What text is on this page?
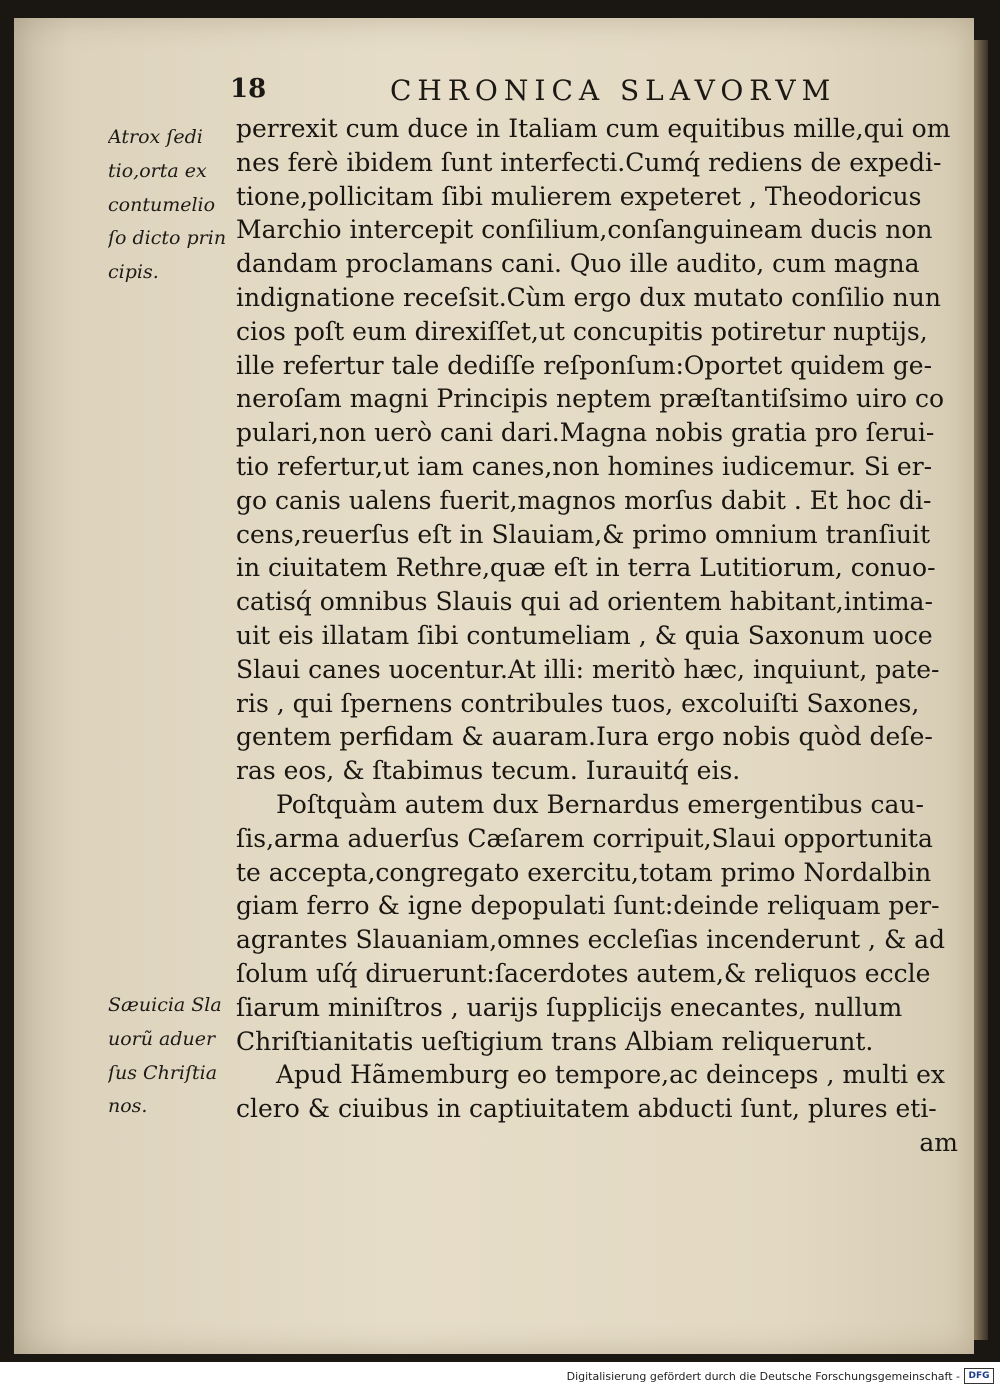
18	CHRONICA SLAVORVM
Atrox ſedi
tio,orta ex
contumelio
ſo dicto prin
cipis.
Sæuicia Sla
uorũ aduer
ſus Chriſtia
nos.
perrexit cum duce in Italiam cum equitibus mille,qui om
nes ferè ibidem ſunt interfecti.Cumq́ rediens de expedi-
tione,pollicitam ſibi mulierem expeteret , Theodoricus
Marchio intercepit conſilium,conſanguineam ducis non
dandam proclamans cani. Quo ille audito, cum magna
indignatione receſsit.Cùm ergo dux mutato conſilio nun
cios poſt eum direxiſſet,ut concupitis potiretur nuptijs,
ille refertur tale dediſſe reſponſum:Oportet quidem ge-
neroſam magni Principis neptem præſtantiſsimo uiro co
pulari,non uerò cani dari.Magna nobis gratia pro ſerui-
tio refertur,ut iam canes,non homines iudicemur. Si er-
go canis ualens fuerit,magnos morſus dabit . Et hoc di-
cens,reuerſus eſt in Slauiam,& primo omnium tranſiuit
in ciuitatem Rethre,quæ eſt in terra Lutitiorum, conuo-
catisq́ omnibus Slauis qui ad orientem habitant,intima-
uit eis illatam ſibi contumeliam , & quia Saxonum uoce
Slaui canes uocentur.At illi: meritò hæc, inquiunt, pate-
ris , qui ſpernens contribules tuos, excoluiſti Saxones,
gentem perfidam & auaram.Iura ergo nobis quòd deſe-
ras eos, & ſtabimus tecum. Iurauitq́ eis.
Poſtquàm autem dux Bernardus emergentibus cau-
ſis,arma aduerſus Cæſarem corripuit,Slaui opportunita
te accepta,congregato exercitu,totam primo Nordalbin
giam ferro & igne depopulati ſunt:deinde reliquam per-
agrantes Slauaniam,omnes eccleſias incenderunt , & ad
ſolum uſq́ diruerunt:ſacerdotes autem,& reliquos eccle
ſiarum miniſtros , uarijs ſupplicijs enecantes, nullum
Chriſtianitatis ueſtigium trans Albiam reliquerunt.
Apud Hãmemburg eo tempore,ac deinceps , multi ex
clero & ciuibus in captiuitatem abducti ſunt, plures eti-
am
Digitalisierung gefördert durch die Deutsche Forschungsgemeinschaft - DFG
